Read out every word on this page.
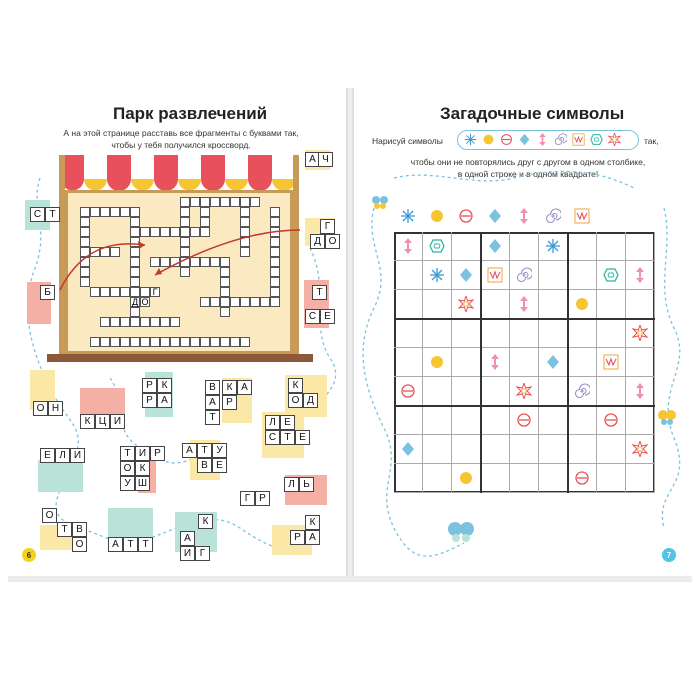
Парк развлечений
А на этой странице расставь все фрагменты с буквами так,
чтобы у тебя получился кроссворд.
Д О
Г
А Ч
С Т
Г
Д О
Б	Т
С Е
Р К
Р А
В
А
Т
К А
Р
К
О Д
О Н
К Ц И
Е Л И	Т И Р
О К
У Ш
А Т У
В Е
Л Е
С Т Е
Г Р
Л Ь
О
Т В
О	А Т Т
К
А
И Г
К
Р А
6
Загадочные символы
Нарисуй символы	так,
чтобы они не повторялись друг с другом в одном столбике,
в одной строке и в одном квадрате!
7
